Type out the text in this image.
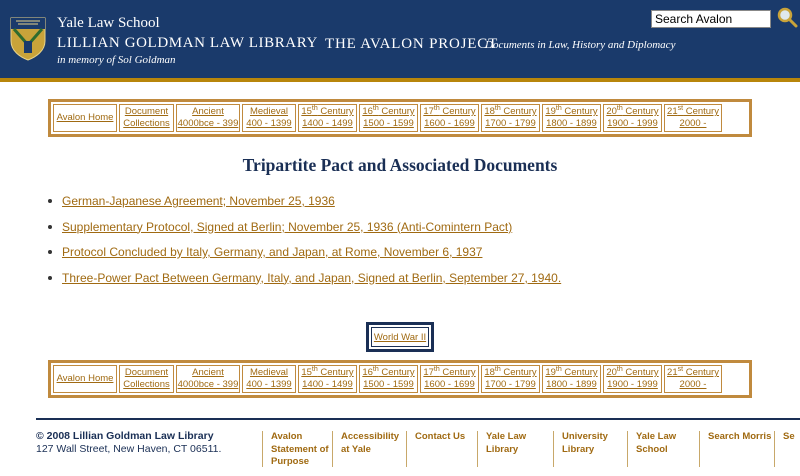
Yale Law School
LILLIAN GOLDMAN LAW LIBRARY
in memory of Sol Goldman
THE AVALON PROJECT
Documents in Law, History and Diplomacy
Search Avalon
Avalon Home
Document
Collections
Ancient
4000bce - 399
Medieval
400 - 1399
15th Century
1400 - 1499
16th Century
1500 - 1599
17th Century
1600 - 1699
18th Century
1700 - 1799
19th Century
1800 - 1899
20th Century
1900 - 1999
21st Century
2000 -
Tripartite Pact and Associated Documents
German-Japanese Agreement; November 25, 1936
Supplementary Protocol, Signed at Berlin; November 25, 1936 (Anti-Comintern Pact)
Protocol Concluded by Italy, Germany, and Japan, at Rome, November 6, 1937
Three-Power Pact Between Germany, Italy, and Japan, Signed at Berlin, September 27, 1940.
World War II
Avalon Home
Document
Collections
Ancient
4000bce - 399
Medieval
400 - 1399
15th Century
1400 - 1499
16th Century
1500 - 1599
17th Century
1600 - 1699
18th Century
1700 - 1799
19th Century
1800 - 1899
20th Century
1900 - 1999
21st Century
2000 -
© 2008 Lillian Goldman Law Library
127 Wall Street, New Haven, CT 06511.
Avalon Statement of Purpose
Accessibility at Yale
Contact Us	Yale Law Library
University Library
Yale Law School
Search Morris	Se
